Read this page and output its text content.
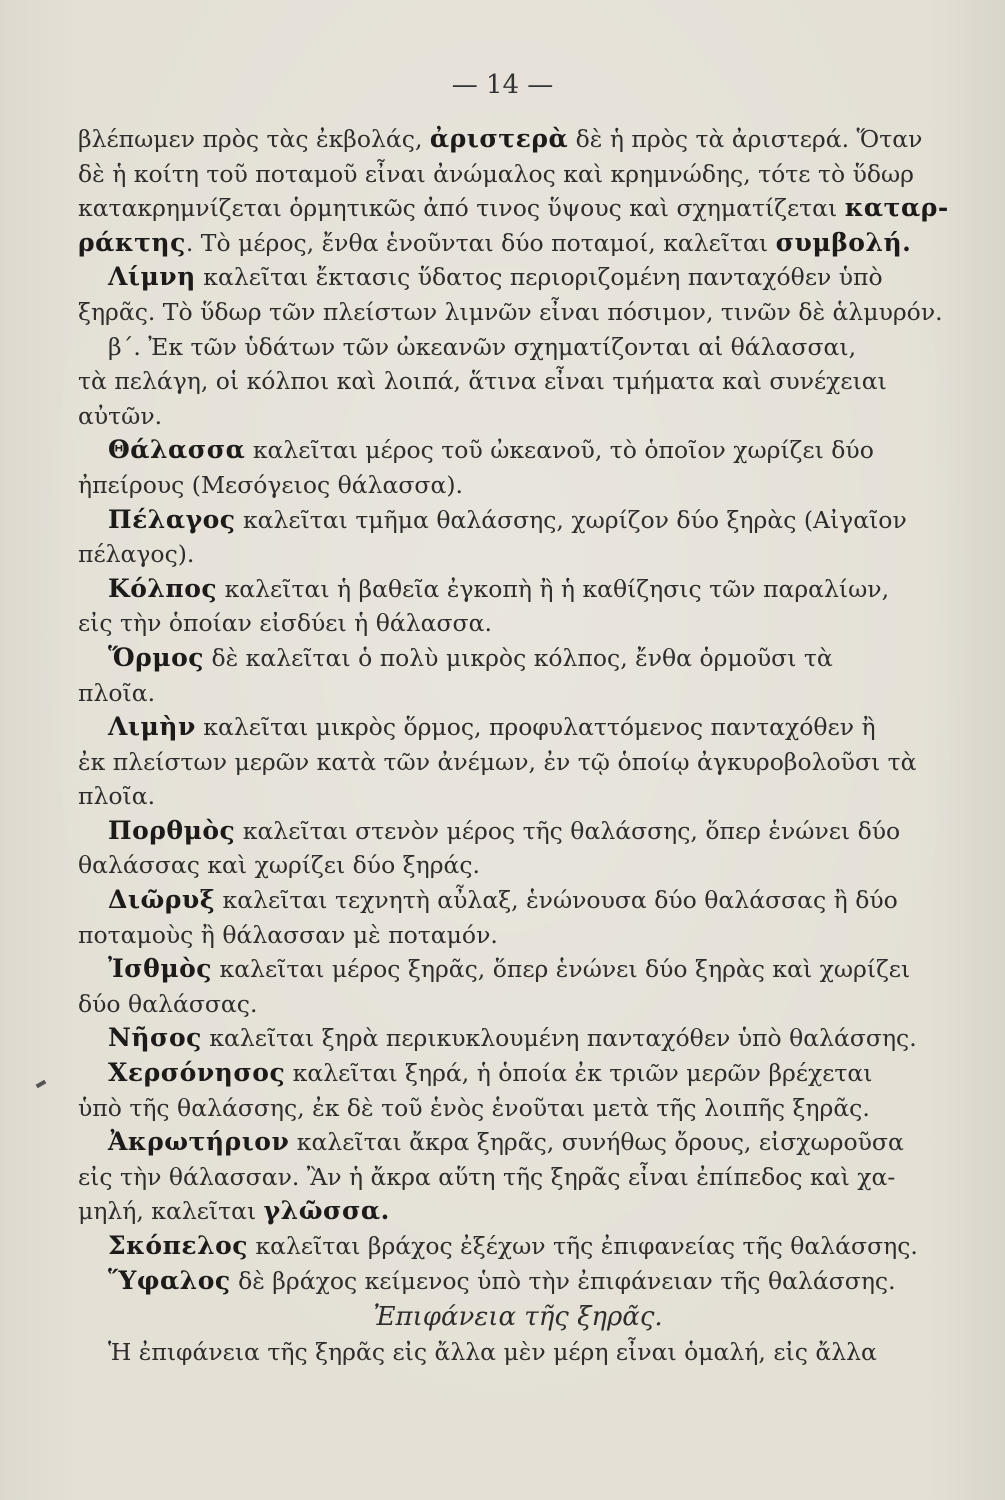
— 14 —
βλέπωμεν πρὸς τὰς ἐκβολάς, ἀριστερὰ δὲ ἡ πρὸς τὰ ἀριστερά. Ὅταν
δὲ ἡ κοίτη τοῦ ποταμοῦ εἶναι ἀνώμαλος καὶ κρημνώδης, τότε τὸ ὕδωρ
κατακρημνίζεται ὁρμητικῶς ἀπό τινος ὕψους καὶ σχηματίζεται καταρ-
ράκτης. Τὸ μέρος, ἔνθα ἑνοῦνται δύο ποταμοί, καλεῖται συμβολή.
Λίμνη καλεῖται ἔκτασις ὕδατος περιοριζομένη πανταχόθεν ὑπὸ
ξηρᾶς. Τὸ ὕδωρ τῶν πλείστων λιμνῶν εἶναι πόσιμον, τινῶν δὲ ἁλμυρόν.
β΄. Ἐκ τῶν ὑδάτων τῶν ὠκεανῶν σχηματίζονται αἱ θάλασσαι,
τὰ πελάγη, οἱ κόλποι καὶ λοιπά, ἅτινα εἶναι τμήματα καὶ συνέχειαι
αὐτῶν.
Θάλασσα καλεῖται μέρος τοῦ ὠκεανοῦ, τὸ ὁποῖον χωρίζει δύο
ἠπείρους (Μεσόγειος θάλασσα).
Πέλαγος καλεῖται τμῆμα θαλάσσης, χωρίζον δύο ξηρὰς (Αἰγαῖον
πέλαγος).
Κόλπος καλεῖται ἡ βαθεῖα ἐγκοπὴ ἢ ἡ καθίζησις τῶν παραλίων,
εἰς τὴν ὁποίαν εἰσδύει ἡ θάλασσα.
Ὅρμος δὲ καλεῖται ὁ πολὺ μικρὸς κόλπος, ἔνθα ὁρμοῦσι τὰ
πλοῖα.
Λιμὴν καλεῖται μικρὸς ὅρμος, προφυλαττόμενος πανταχόθεν ἢ
ἐκ πλείστων μερῶν κατὰ τῶν ἀνέμων, ἐν τῷ ὁποίῳ ἀγκυροβολοῦσι τὰ
πλοῖα.
Πορθμὸς καλεῖται στενὸν μέρος τῆς θαλάσσης, ὅπερ ἑνώνει δύο
θαλάσσας καὶ χωρίζει δύο ξηράς.
Διῶρυξ καλεῖται τεχνητὴ αὖλαξ, ἑνώνουσα δύο θαλάσσας ἢ δύο
ποταμοὺς ἢ θάλασσαν μὲ ποταμόν.
Ἰσθμὸς καλεῖται μέρος ξηρᾶς, ὅπερ ἑνώνει δύο ξηρὰς καὶ χωρίζει
δύο θαλάσσας.
Νῆσος καλεῖται ξηρὰ περικυκλουμένη πανταχόθεν ὑπὸ θαλάσσης.
Χερσόνησος καλεῖται ξηρά, ἡ ὁποία ἐκ τριῶν μερῶν βρέχεται
ὑπὸ τῆς θαλάσσης, ἐκ δὲ τοῦ ἑνὸς ἑνοῦται μετὰ τῆς λοιπῆς ξηρᾶς.
Ἀκρωτήριον καλεῖται ἄκρα ξηρᾶς, συνήθως ὄρους, εἰσχωροῦσα
εἰς τὴν θάλασσαν. Ἂν ἡ ἄκρα αὕτη τῆς ξηρᾶς εἶναι ἐπίπεδος καὶ χα-
μηλή, καλεῖται γλῶσσα.
Σκόπελος καλεῖται βράχος ἐξέχων τῆς ἐπιφανείας τῆς θαλάσσης.
Ὕφαλος δὲ βράχος κείμενος ὑπὸ τὴν ἐπιφάνειαν τῆς θαλάσσης.
Ἐπιφάνεια τῆς ξηρᾶς.
Ἡ ἐπιφάνεια τῆς ξηρᾶς εἰς ἄλλα μὲν μέρη εἶναι ὁμαλή, εἰς ἄλλα
